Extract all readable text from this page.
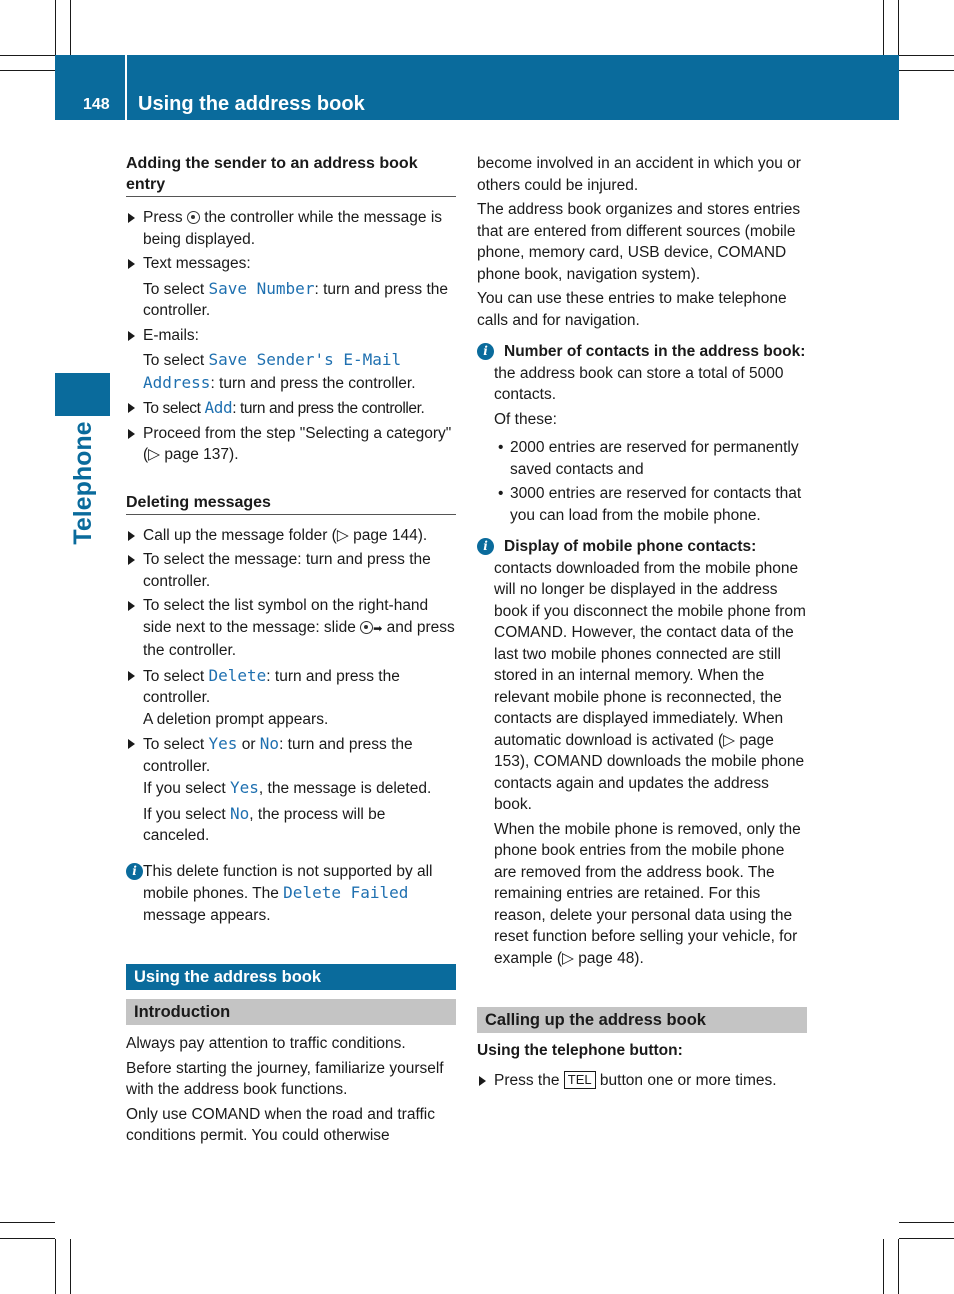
148 Using the address book
Telephone

Adding the sender to an address book entry

Press  the controller while the message is being displayed.

Text messages:

To select Save Number: turn and press the controller.

E-mails:

To select Save Sender's E-Mail Address: turn and press the controller.

To select Add: turn and press the controller.

Proceed from the step "Selecting a category" (▷ page 137).

Deleting messages

Call up the message folder (▷ page 144).

To select the message: turn and press the controller.

To select the list symbol on the right-hand side next to the message: slide ➡ and press the controller.

To select Delete: turn and press the controller.

A deletion prompt appears.

To select Yes or No: turn and press the controller.

If you select Yes, the message is deleted.

If you select No, the process will be canceled.

i This delete function is not supported by all mobile phones. The Delete Failed message appears.

Using the address book
Introduction

Always pay attention to traffic conditions.

Before starting the journey, familiarize yourself with the address book functions.

Only use COMAND when the road and traffic conditions permit. You could otherwise

become involved in an accident in which you or others could be injured.

The address book organizes and stores entries that are entered from different sources (mobile phone, memory card, USB device, COMAND phone book, navigation system).

You can use these entries to make telephone calls and for navigation.

i	Number of contacts in the address book: the address book can store a total of 5000 contacts.

Of these:

• 2000 entries are reserved for permanently saved contacts and

• 3000 entries are reserved for contacts that you can load from the mobile phone.

i	Display of mobile phone contacts:
contacts downloaded from the mobile phone will no longer be displayed in the address book if you disconnect the mobile phone from COMAND. However, the contact data of the last two mobile phones connected are still stored in an internal memory. When the relevant mobile phone is reconnected, the contacts are displayed immediately. When automatic download is activated (▷ page 153), COMAND downloads the mobile phone contacts again and updates the address book.

When the mobile phone is removed, only the phone book entries from the mobile phone are removed from the address book. The remaining entries are retained. For this reason, delete your personal data using the reset function before selling your vehicle, for example (▷ page 48).

Calling up the address book

Using the telephone button:

Press the TEL button one or more times.
